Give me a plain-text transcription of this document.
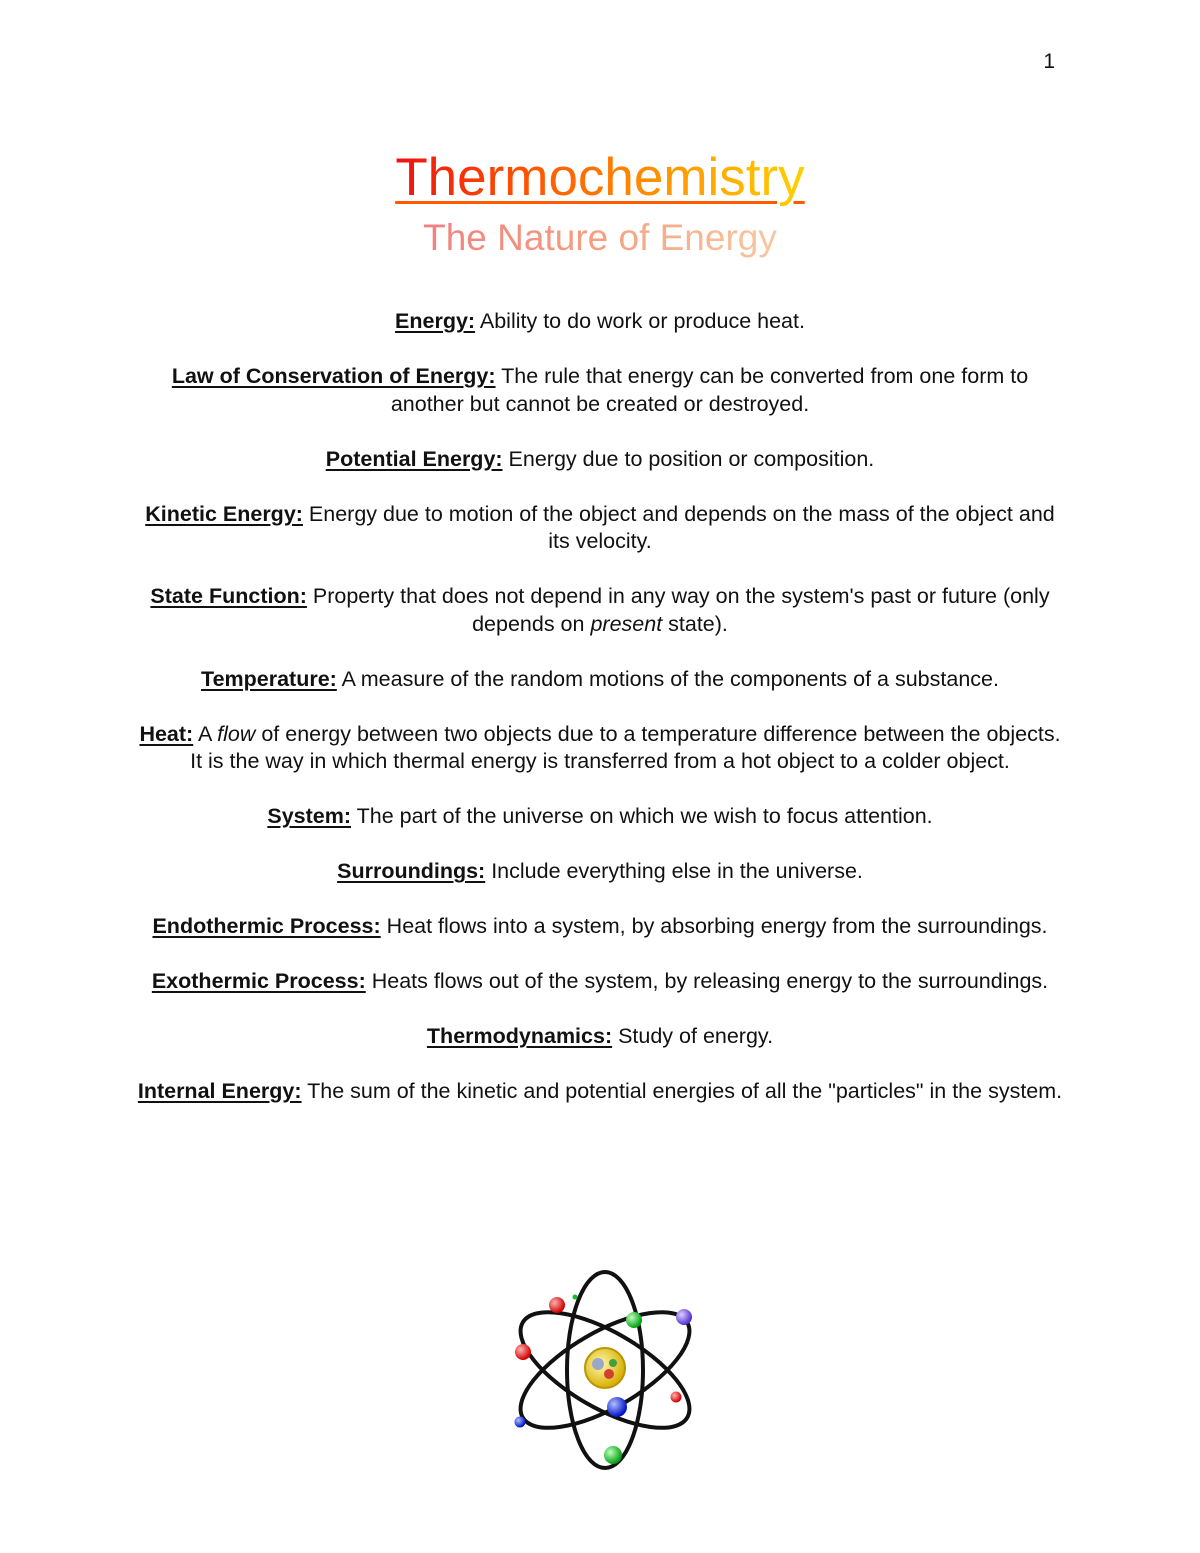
1
Thermochemistry
The Nature of Energy

Energy: Ability to do work or produce heat.

Law of Conservation of Energy: The rule that energy can be converted from one form to another but cannot be created or destroyed.

Potential Energy: Energy due to position or composition.

Kinetic Energy: Energy due to motion of the object and depends on the mass of the object and its velocity.

State Function: Property that does not depend in any way on the system's past or future (only depends on present state).

Temperature: A measure of the random motions of the components of a substance.

Heat: A flow of energy between two objects due to a temperature difference between the objects. It is the way in which thermal energy is transferred from a hot object to a colder object.

System: The part of the universe on which we wish to focus attention.

Surroundings: Include everything else in the universe.

Endothermic Process: Heat flows into a system, by absorbing energy from the surroundings.

Exothermic Process: Heats flows out of the system, by releasing energy to the surroundings.

Thermodynamics: Study of energy.

Internal Energy: The sum of the kinetic and potential energies of all the "particles" in the system.
